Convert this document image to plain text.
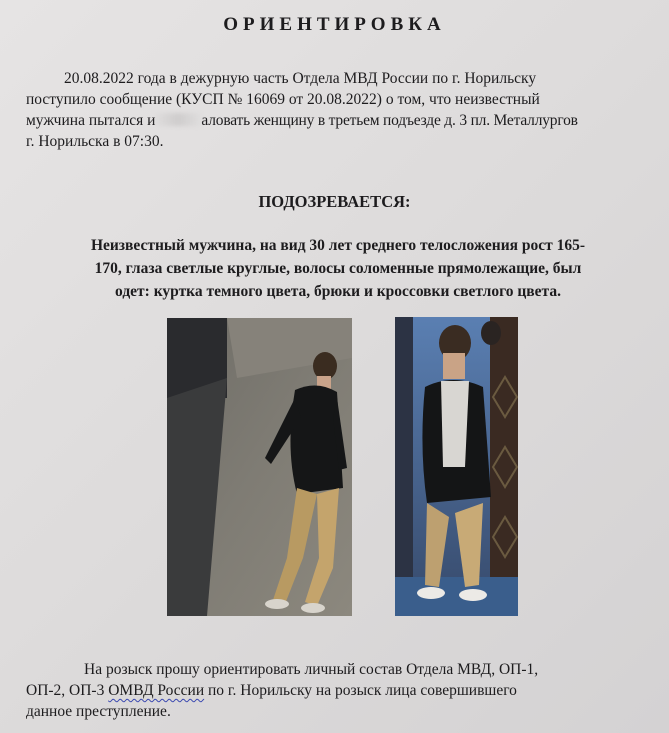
ОРИЕНТИРОВКА
20.08.2022 года в дежурную часть Отдела МВД России по г. Норильску
поступило сообщение (КУСП № 16069 от 20.08.2022) о том, что неизвестный
мужчина пытался и	аловать женщину в третьем подъезде д. 3 пл. Металлургов
г. Норильска в 07:30.
ПОДОЗРЕВАЕТСЯ:
Неизвестный мужчина, на вид 30 лет среднего телосложения рост 165-
170, глаза светлые круглые, волосы соломенные прямолежащие, был
одет: куртка темного цвета, брюки и кроссовки светлого цвета.
На розыск прошу ориентировать личный состав Отдела МВД, ОП-1,
ОП-2, ОП-3 ОМВД России по г. Норильску на розыск лица совершившего
данное преступление.
